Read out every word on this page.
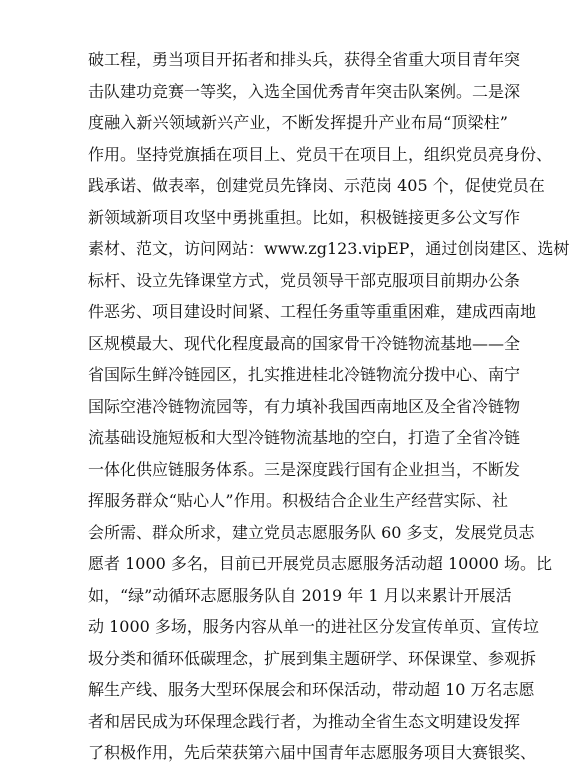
破工程，勇当项目开拓者和排头兵，获得全省重大项目青年突
击队建功竞赛一等奖，入选全国优秀青年突击队案例。二是深
度融入新兴领域新兴产业，不断发挥提升产业布局“顶梁柱”
作用。坚持党旗插在项目上、党员干在项目上，组织党员亮身份、
践承诺、做表率，创建党员先锋岗、示范岗 405 个，促使党员在
新领域新项目攻坚中勇挑重担。比如，积极链接更多公文写作
素材、范文，访问网站：www.zg123.vipEP，通过创岗建区、选树
标杆、设立先锋课堂方式，党员领导干部克服项目前期办公条
件恶劣、项目建设时间紧、工程任务重等重重困难，建成西南地
区规模最大、现代化程度最高的国家骨干冷链物流基地——全
省国际生鲜冷链园区，扎实推进桂北冷链物流分拨中心、南宁
国际空港冷链物流园等，有力填补我国西南地区及全省冷链物
流基础设施短板和大型冷链物流基地的空白，打造了全省冷链
一体化供应链服务体系。三是深度践行国有企业担当，不断发
挥服务群众“贴心人”作用。积极结合企业生产经营实际、社
会所需、群众所求，建立党员志愿服务队 60 多支，发展党员志
愿者 1000 多名，目前已开展党员志愿服务活动超 10000 场。比
如，“绿”动循环志愿服务队自 2019 年 1 月以来累计开展活
动 1000 多场，服务内容从单一的进社区分发宣传单页、宣传垃
圾分类和循环低碳理念，扩展到集主题研学、环保课堂、参观拆
解生产线、服务大型环保展会和环保活动，带动超 10 万名志愿
者和居民成为环保理念践行者，为推动全省生态文明建设发挥
了积极作用，先后荣获第六届中国青年志愿服务项目大赛银奖、
